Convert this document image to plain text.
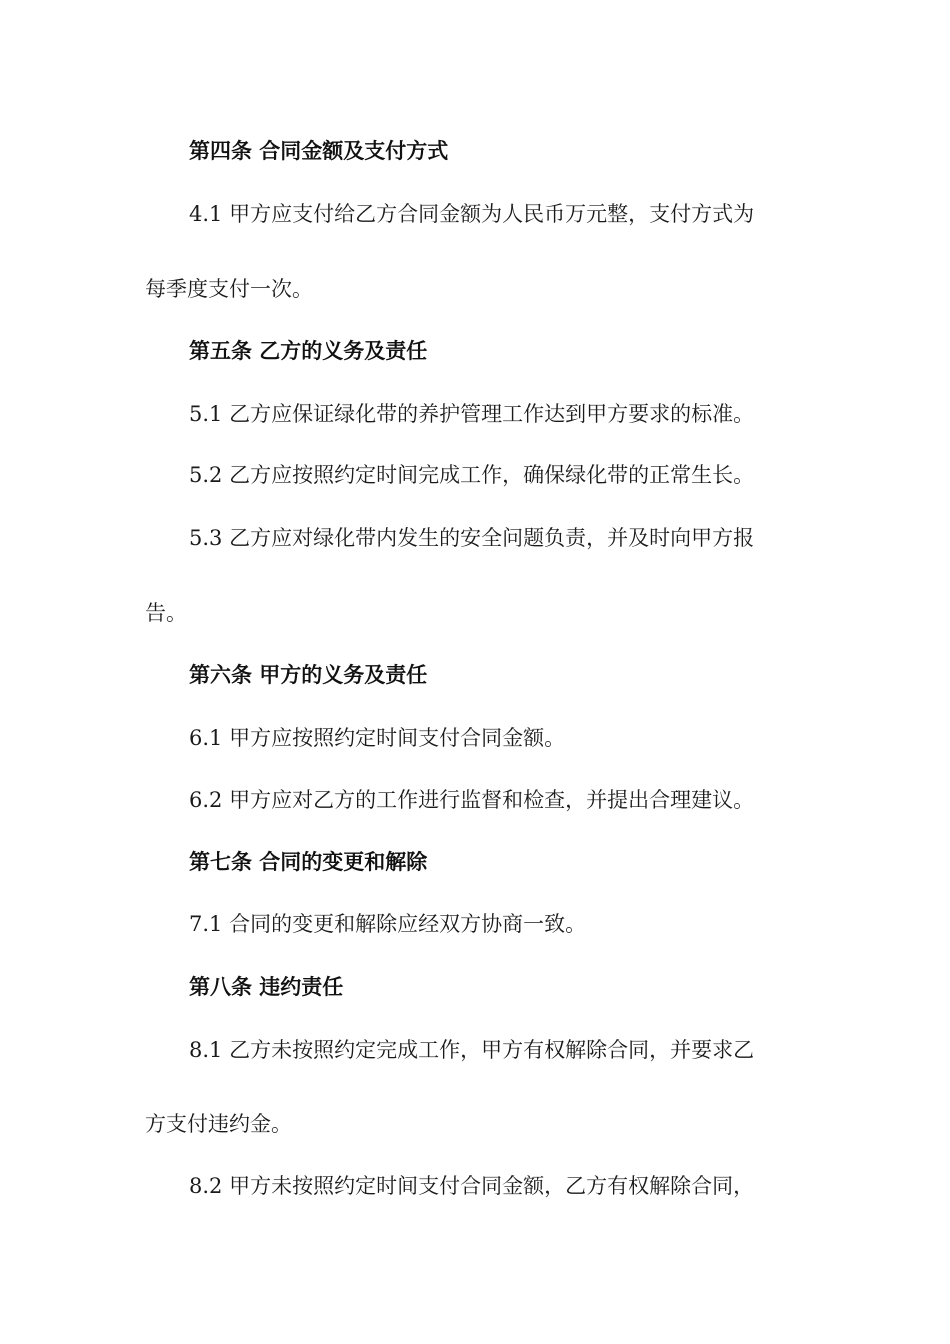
第四条 合同金额及支付方式
4.1 甲方应支付给乙方合同金额为人民币万元整，支付方式为
每季度支付一次。
第五条 乙方的义务及责任
5.1 乙方应保证绿化带的养护管理工作达到甲方要求的标准。
5.2 乙方应按照约定时间完成工作，确保绿化带的正常生长。
5.3 乙方应对绿化带内发生的安全问题负责，并及时向甲方报
告。
第六条 甲方的义务及责任
6.1 甲方应按照约定时间支付合同金额。
6.2 甲方应对乙方的工作进行监督和检查，并提出合理建议。
第七条 合同的变更和解除
7.1 合同的变更和解除应经双方协商一致。
第八条 违约责任
8.1 乙方未按照约定完成工作，甲方有权解除合同，并要求乙
方支付违约金。
8.2 甲方未按照约定时间支付合同金额，乙方有权解除合同，
